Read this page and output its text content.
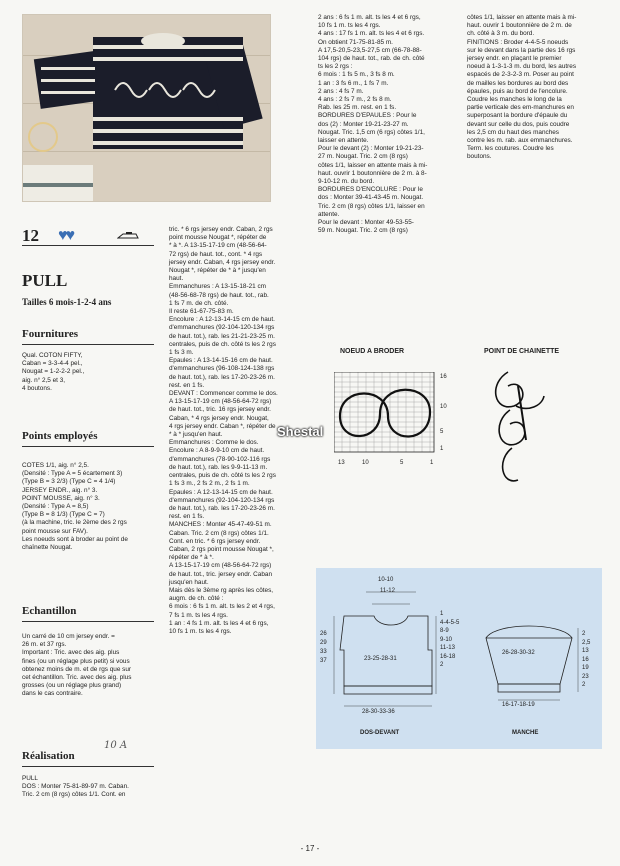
12 ♥♥
PULL
Tailles 6 mois-1-2-4 ans
Fournitures
Qual. COTON FIFTY,
Caban = 3-3-4-4 pel.,
Nougat = 1-2-2-2 pel.,
aig. n° 2,5 et 3,
4 boutons.
Points employés
COTES 1/1, aig. n° 2,5.
(Densité : Type A = 5 écartement 3)
(Type B = 3 2/3) (Type C = 4 1/4)
JERSEY ENDR., aig. n° 3.
POINT MOUSSE, aig. n° 3.
(Densité : Type A = 8,5)
(Type B = 8 1/3) (Type C = 7)
(à la machine, tric. le 2ème des 2 rgs
point mousse sur FAV).
Les noeuds sont à broder au point de
chaînette Nougat.
Echantillon
Un carré de 10 cm jersey endr. =
26 m. et 37 rgs.
Important : Tric. avec des aig. plus
fines (ou un réglage plus petit) si vous
obtenez moins de m. et de rgs que sur
cet échantillon. Tric. avec des aig. plus
grosses (ou un réglage plus grand)
dans le cas contraire.
Réalisation
10 A
PULL
DOS : Monter 75-81-89-97 m. Caban.
Tric. 2 cm (8 rgs) côtes 1/1. Cont. en
tric. * 6 rgs jersey endr. Caban, 2 rgs
point mousse Nougat *, répéter de
* à *. A 13-15-17-19 cm (48-56-64-
72 rgs) de haut. tot., cont. * 4 rgs
jersey endr. Caban, 4 rgs jersey endr.
Nougat *, répéter de * à * jusqu'en
haut.
Emmanchures : A 13-15-18-21 cm
(48-56-68-78 rgs) de haut. tot., rab.
1 fs 7 m. de ch. côté.
Il reste 61-67-75-83 m.
Encolure : A 12-13-14-15 cm de haut.
d'emmanchures (92-104-120-134 rgs
de haut. tot.), rab. les 21-21-23-25 m.
centrales, puis de ch. côté ts les 2 rgs
1 fs 3 m.
Epaules : A 13-14-15-16 cm de haut.
d'emmanchures (96-108-124-138 rgs
de haut. tot.), rab. les 17-20-23-26 m.
rest. en 1 fs.
DEVANT : Commencer comme le dos.
A 13-15-17-19 cm (48-56-64-72 rgs)
de haut. tot., tric. 16 rgs jersey endr.
Caban, * 4 rgs jersey endr. Nougat,
4 rgs jersey endr. Caban *, répéter de
* à * jusqu'en haut.
Emmanchures : Comme le dos.
Encolure : A 8-9-9-10 cm de haut.
d'emmanchures (78-90-102-116 rgs
de haut. tot.), rab. les 9-9-11-13 m.
centrales, puis de ch. côté ts les 2 rgs
1 fs 3 m., 2 fs 2 m., 2 fs 1 m.
Epaules : A 12-13-14-15 cm de haut.
d'emmanchures (92-104-120-134 rgs
de haut. tot.), rab. les 17-20-23-26 m.
rest. en 1 fs.
MANCHES : Monter 45-47-49-51 m.
Caban. Tric. 2 cm (8 rgs) côtes 1/1.
Cont. en tric. * 6 rgs jersey endr.
Caban, 2 rgs point mousse Nougat *,
répéter de * à *.
A 13-15-17-19 cm (48-56-64-72 rgs)
de haut. tot., tric. jersey endr. Caban
jusqu'en haut.
Mais dès le 3ème rg après les côtes,
augm. de ch. côté :
6 mois : 6 fs 1 m. alt. ts les 2 et 4 rgs,
7 fs 1 m. ts les 4 rgs.
1 an : 4 fs 1 m. alt. ts les 4 et 6 rgs,
10 fs 1 m. ts les 4 rgs.
2 ans : 6 fs 1 m. alt. ts les 4 et 6 rgs,
10 fs 1 m. ts les 4 rgs.
4 ans : 17 fs 1 m. alt. ts les 4 et 6 rgs.
On obtient 71-75-81-85 m.
A 17,5-20,5-23,5-27,5 cm (66-78-88-
104 rgs) de haut. tot., rab. de ch. côté
ts les 2 rgs :
6 mois : 1 fs 5 m., 3 fs 8 m.
1 an : 3 fs 6 m., 1 fs 7 m.
2 ans : 4 fs 7 m.
4 ans : 2 fs 7 m., 2 fs 8 m.
Rab. les 25 m. rest. en 1 fs.
BORDURES D'EPAULES : Pour le
dos (2) : Monter 19-21-23-27 m.
Nougat. Tric. 1,5 cm (6 rgs) côtes 1/1,
laisser en attente.
Pour le devant (2) : Monter 19-21-23-
27 m. Nougat. Tric. 2 cm (8 rgs)
côtes 1/1, laisser en attente mais à mi-
haut. ouvrir 1 boutonnière de 2 m. à 8-
9-10-12 m. du bord.
BORDURES D'ENCOLURE : Pour le
dos : Monter 39-41-43-45 m. Nougat.
Tric. 2 cm (8 rgs) côtes 1/1, laisser en
attente.
Pour le devant : Monter 49-53-55-
59 m. Nougat. Tric. 2 cm (8 rgs)
côtes 1/1, laisser en attente mais à mi-
haut. ouvrir 1 boutonnière de 2 m. de
ch. côté à 3 m. du bord.
FINITIONS : Broder 4-4-5-5 noeuds
sur le devant dans la partie des 16 rgs
jersey endr. en plaçant le premier
noeud à 1-3-1-3 m. du bord, les autres
espacés de 2-3-2-3 m. Poser au point
de mailles les bordures au bord des
épaules, puis au bord de l'encolure.
Coudre les manches le long de la
partie verticale des em-manchures en
superposant la bordure d'épaule du
devant sur celle du dos, puis coudre
les 2,5 cm du haut des manches
contre les m. rab. aux emmanchures.
Term. les coutures. Coudre les
boutons.
NOEUD A BRODER	POINT DE CHAINETTE
13	10	5	1
16
10
5
1
Shestal
10-10
11-12
23-25-28-31
28-30-33-36
26
29
33
37
1
4-4-5-5
8-9
9-10
11-13
16-18
2
DOS-DEVANT
26-28-30-32
16-17-18-19
2
2,5
13
16
19
23
2
MANCHE
- 17 -
